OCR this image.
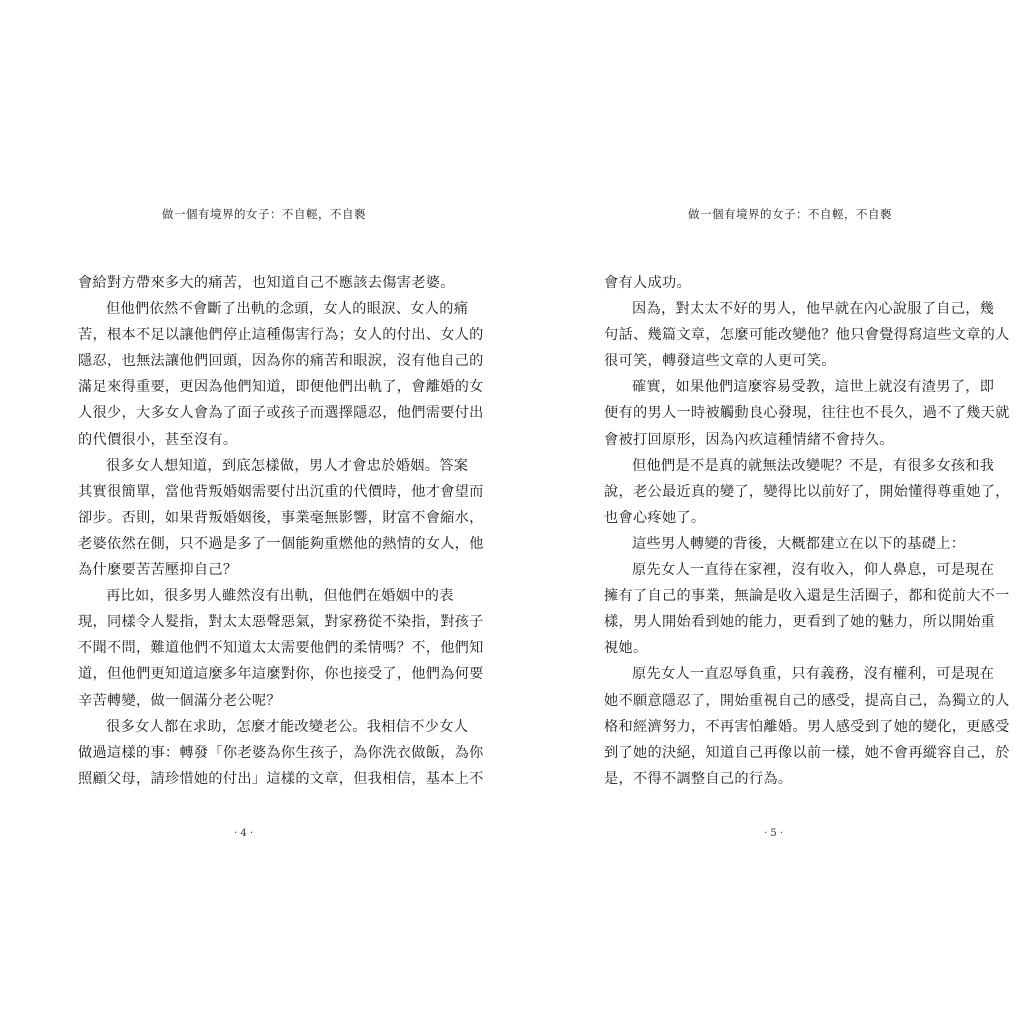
做一個有境界的女子：不自輕，不自褻
會給對方帶來多大的痛苦，也知道自己不應該去傷害老婆。
但他們依然不會斷了出軌的念頭，女人的眼淚、女人的痛
苦，根本不足以讓他們停止這種傷害行為；女人的付出、女人的
隱忍，也無法讓他們回頭，因為你的痛苦和眼淚，沒有他自己的
滿足來得重要，更因為他們知道，即便他們出軌了，會離婚的女
人很少，大多女人會為了面子或孩子而選擇隱忍，他們需要付出
的代價很小，甚至沒有。
很多女人想知道，到底怎樣做，男人才會忠於婚姻。答案
其實很簡單，當他背叛婚姻需要付出沉重的代價時，他才會望而
卻步。否則，如果背叛婚姻後，事業毫無影響，財富不會縮水，
老婆依然在側，只不過是多了一個能夠重燃他的熱情的女人，他
為什麼要苦苦壓抑自己？
再比如，很多男人雖然沒有出軌，但他們在婚姻中的表
現，同樣令人髮指，對太太惡聲惡氣，對家務從不染指，對孩子
不聞不問，難道他們不知道太太需要他們的柔情嗎？不，他們知
道，但他們更知道這麼多年這麼對你，你也接受了，他們為何要
辛苦轉變，做一個滿分老公呢？
很多女人都在求助，怎麼才能改變老公。我相信不少女人
做過這樣的事：轉發「你老婆為你生孩子，為你洗衣做飯，為你
照顧父母，請珍惜她的付出」這樣的文章，但我相信，基本上不
‧ 4 ‧
做一個有境界的女子：不自輕，不自褻
會有人成功。
因為，對太太不好的男人，他早就在內心說服了自己，幾
句話、幾篇文章，怎麼可能改變他？他只會覺得寫這些文章的人
很可笑，轉發這些文章的人更可笑。
確實，如果他們這麼容易受教，這世上就沒有渣男了，即
便有的男人一時被觸動良心發現，往往也不長久，過不了幾天就
會被打回原形，因為內疚這種情緒不會持久。
但他們是不是真的就無法改變呢？不是，有很多女孩和我
說，老公最近真的變了，變得比以前好了，開始懂得尊重她了，
也會心疼她了。
這些男人轉變的背後，大概都建立在以下的基礎上：
原先女人一直待在家裡，沒有收入，仰人鼻息，可是現在
擁有了自己的事業，無論是收入還是生活圈子，都和從前大不一
樣，男人開始看到她的能力，更看到了她的魅力，所以開始重
視她。
原先女人一直忍辱負重，只有義務，沒有權利，可是現在
她不願意隱忍了，開始重視自己的感受，提高自己，為獨立的人
格和經濟努力，不再害怕離婚。男人感受到了她的變化，更感受
到了她的決絕，知道自己再像以前一樣，她不會再縱容自己，於
是，不得不調整自己的行為。
‧ 5 ‧
